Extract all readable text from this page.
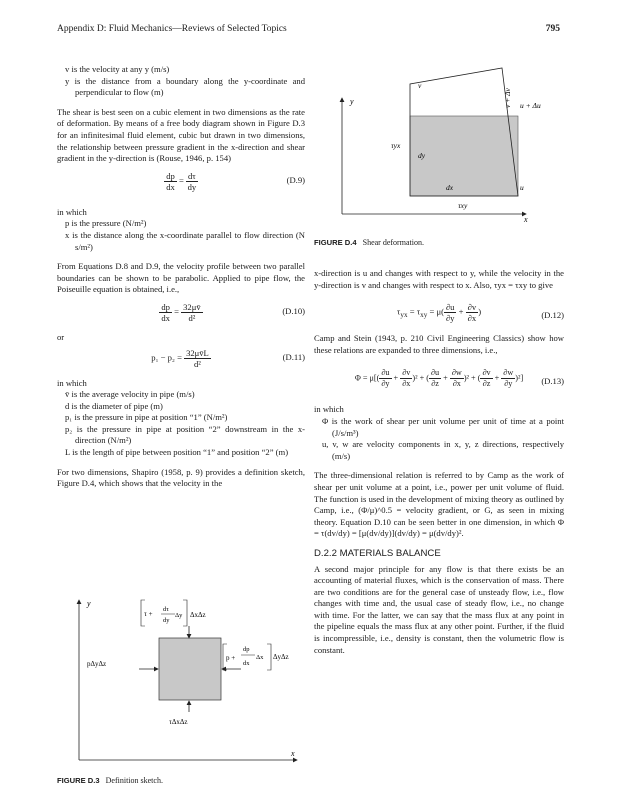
Appendix D: Fluid Mechanics—Reviews of Selected Topics	795

v is the velocity at any y (m/s)

y is the distance from a boundary along the y-coordinate and perpendicular to flow (m)

The shear is best seen on a cubic element in two dimensions as the rate of deformation. By means of a free body diagram shown in Figure D.3 for an infinitesimal fluid element, cubic but drawn in two dimensions, the relationship between pressure gradient in the x-direction and shear gradient in the y-direction is (Rouse, 1946, p. 154)

$\frac{dp}{dx} = \frac{d\tau}{dy}$	(D.9)

in which

p is the pressure (N/m²)

x is the distance along the x-coordinate parallel to flow direction (N s/m²)

From Equations D.8 and D.9, the velocity profile between two parallel boundaries can be shown to be parabolic. Applied to pipe flow, the Poiseuille equation is obtained, i.e.,

$\frac{dp}{dx} = \frac{32\mu v̄}{\text{d²}}$	(D.10)

or

$p_1 - p_2 = \frac{32\mu v̄L}{\text{d²}}$	(D.11)

in which

v̄ is the average velocity in pipe (m/s)

d is the diameter of pipe (m)

p₁ is the pressure in pipe at position “1” (N/m²)

p₂ is the pressure in pipe at position “2” downstream in the x-direction (N/m²)

L is the length of pipe between position “1” and position “2” (m)

For two dimensions, Shapiro (1958, p. 9) provides a definition sketch, Figure D.4, which shows that the velocity in the

y
x
v
v + Δv u + Δu
u
τyx
dy
dx
τxy
FIGURE D.4 Shear deformation.

x-direction is u and changes with respect to y, while the velocity in the y-direction is v and changes with respect to x. Also, τyx = τxy to give

$\tau_{yx} = \tau_{xy} = \mu( \frac{\partial u}{\partial y} + \frac{\partial v}{\partial x}$ )	(D.12)

Camp and Stein (1943, p. 210 Civil Engineering Classics) show how these relations are expanded to three dimensions, i.e.,

$\Phi = \mu[( \frac{\partial u}{\partial y} + \frac{\partial v}{\partial x} )^2$ + ( $\frac{\partial u}{\partial z} + \frac{\partial w}{\partial x} )^2$ + ( $\frac{\partial v}{\partial z} + \frac{\partial w}{\partial y} )^2$] (D.13)

in which

Φ is the work of shear per unit volume per unit of time at a point (J/s/m³)

u, v, w are velocity components in x, y, z directions, respectively (m/s)

The three-dimensional relation is referred to by Camp as the work of shear per unit volume at a point, i.e., power per unit volume of fluid. The function is used in the development of mixing theory as outlined by Camp, i.e., (Φ/μ)^0.5 = velocity gradient, or G, as seen in mixing theory. Equation D.10 can be seen better in one dimension, in which Φ = τ(dv/dy) = [μ(dv/dy)](dv/dy) = μ(dv/dy)².

D.2.2 MATERIALS BALANCE

A second major principle for any flow is that there exists be an accounting of material fluxes, which is the conservation of mass. There are two conditions are for the general case of unsteady flow, i.e., flow changes with time and, the usual case of steady flow, i.e., no change with time. For the latter, we can say that the mass flux at any point in the pipeline equals the mass flux at any other point. Further, if the fluid is incompressible, i.e., density is constant, then the volumetric flow is constant.

y
x
τ +
dτ
dy
Δy ΔxΔz
p +
dp
dx
Δx ΔyΔz
pΔyΔz
τΔxΔz
FIGURE D.3 Definition sketch.
